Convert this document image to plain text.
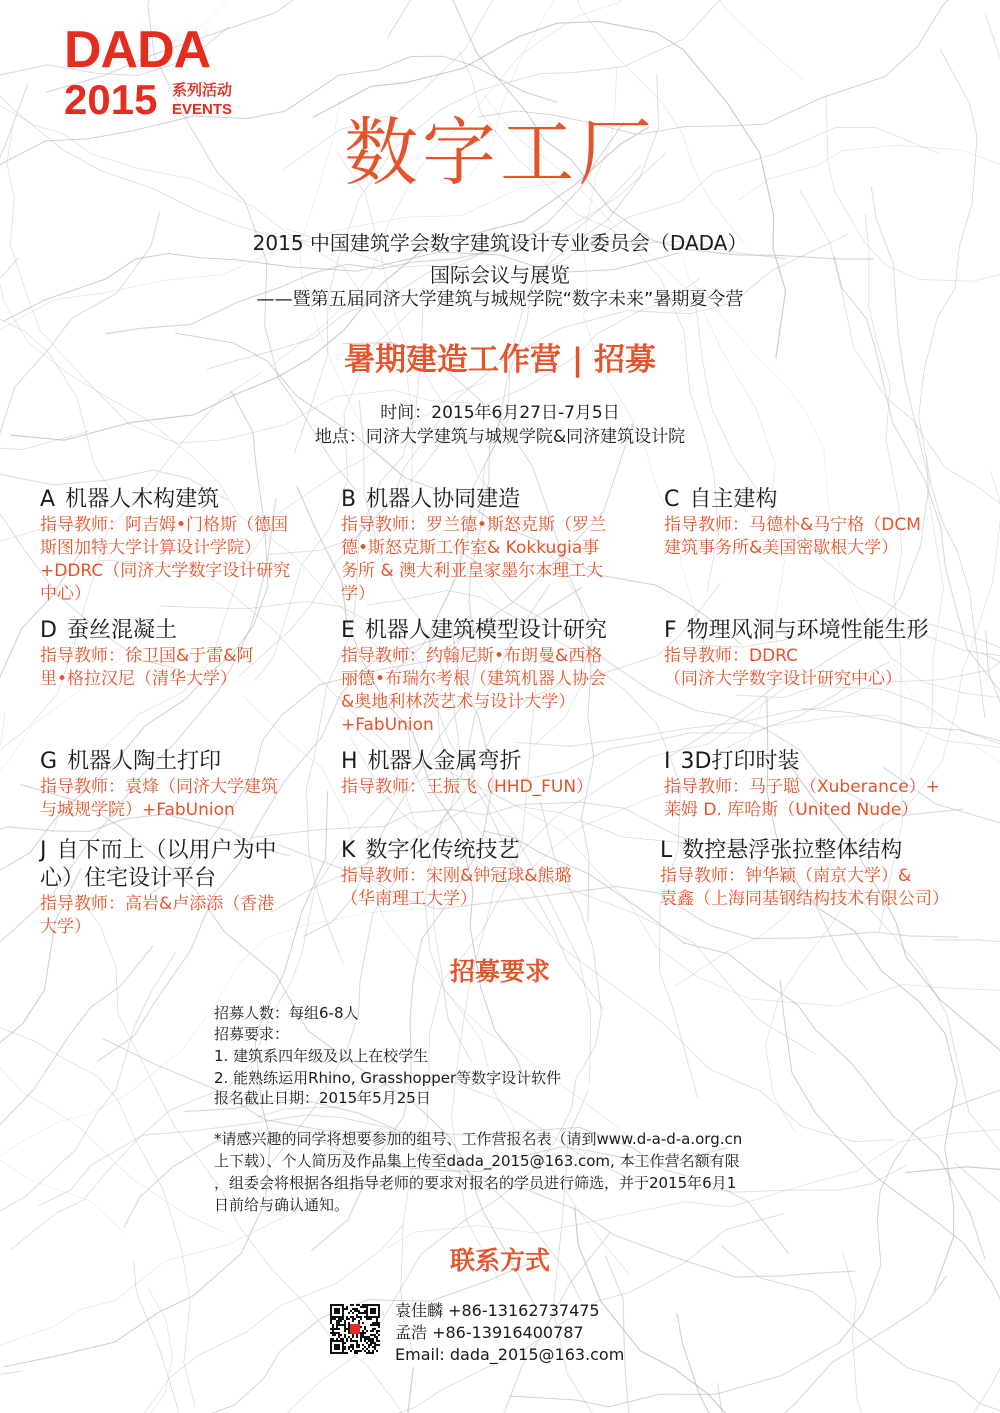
DADA
2015 系列活动
EVENTS
数字工厂
2015 中国建筑学会数字建筑设计专业委员会（DADA）
国际会议与展览
——暨第五届同济大学建筑与城规学院“数字未来”暑期夏令营
暑期建造工作营 | 招募
时间：2015年6月27日-7月5日
地点：同济大学建筑与城规学院&同济建筑设计院
A 机器人木构建筑
指导教师：阿吉姆•门格斯（德国
斯图加特大学计算设计学院）
+DDRC（同济大学数字设计研究
中心）
B 机器人协同建造
指导教师：罗兰德•斯怒克斯（罗兰
德•斯怒克斯工作室& Kokkugia事
务所 & 澳大利亚皇家墨尔本理工大
学）
C 自主建构
指导教师：马德朴&马宁格（DCM
建筑事务所&美国密歇根大学）
D 蚕丝混凝土
指导教师：徐卫国&于雷&阿
里•格拉汉尼（清华大学）
E 机器人建筑模型设计研究
指导教师：约翰尼斯•布朗曼&西格
丽德•布瑞尔考根（建筑机器人协会
&奥地利林茨艺术与设计大学）
+FabUnion
F 物理风洞与环境性能生形
指导教师：DDRC
（同济大学数字设计研究中心）
G 机器人陶土打印
指导教师：袁烽（同济大学建筑
与城规学院）+FabUnion
H 机器人金属弯折
指导教师：王振飞（HHD_FUN）
I 3D打印时装
指导教师：马子聪（Xuberance）+
莱姆 D. 库哈斯（United Nude）
J 自下而上（以用户为中
心）住宅设计平台
指导教师：高岩&卢添添（香港
大学）
K 数字化传统技艺
指导教师：宋刚&钟冠球&熊璐
（华南理工大学）
L 数控悬浮张拉整体结构
指导教师：钟华颖（南京大学）&
袁鑫（上海同基钢结构技术有限公司）
招募要求
招募人数：每组6-8人
招募要求：
1. 建筑系四年级及以上在校学生
2. 能熟练运用Rhino, Grasshopper等数字设计软件
报名截止日期：2015年5月25日
*请感兴趣的同学将想要参加的组号、工作营报名表（请到www.d-a-d-a.org.cn
上下载）、个人简历及作品集上传至dada_2015@163.com, 本工作营名额有限
，组委会将根据各组指导老师的要求对报名的学员进行筛选，并于2015年6月1
日前给与确认通知。
联系方式
袁佳麟 +86-13162737475
孟浩 +86-13916400787
Email: dada_2015@163.com
